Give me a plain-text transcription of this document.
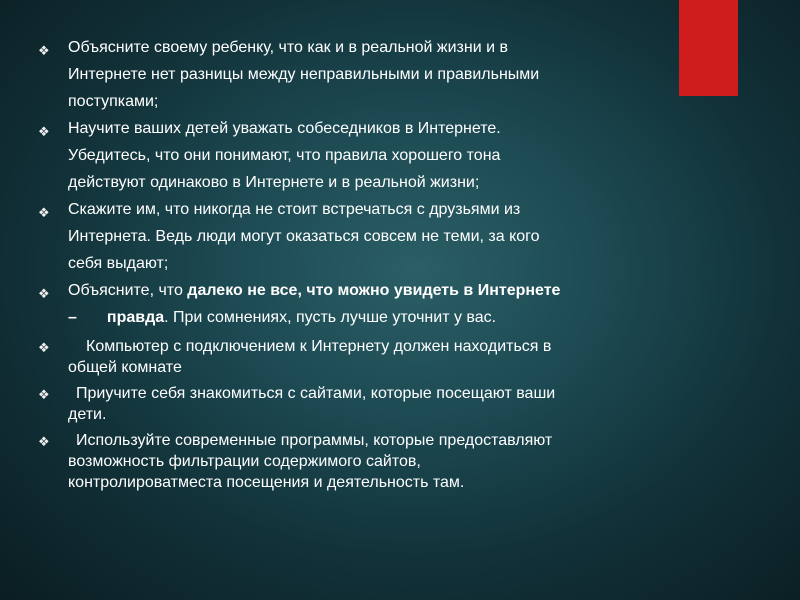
❖ Объясните своему ребенку, что как и в реальной жизни и в
Интернете нет разницы между неправильными и правильными
поступками;
❖ Научите ваших детей уважать собеседников в Интернете.
Убедитесь, что они понимают, что правила хорошего тона
действуют одинаково в Интернете и в реальной жизни;
❖ Скажите им, что никогда не стоит встречаться с друзьями из
Интернета. Ведь люди могут оказаться совсем не теми, за кого
себя выдают;
❖ Объясните, что далеко не все, что можно увидеть в Интернете
– правда. При сомнениях, пусть лучше уточнит у вас.
❖ Компьютер с подключением к Интернету должен находиться в
общей комнате
❖ Приучите себя знакомиться с сайтами, которые посещают ваши
дети.
❖ Используйте современные программы, которые предоставляют
возможность фильтрации содержимого сайтов,
контролироватместа посещения и деятельность там.
